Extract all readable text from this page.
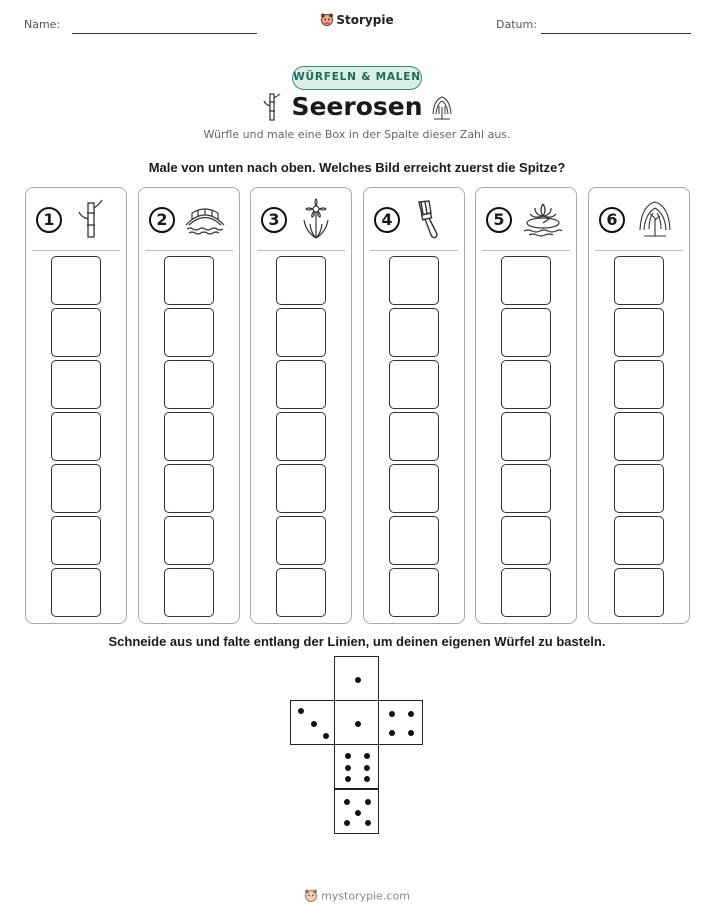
Name:	Storypie	Datum:
WÜRFELN & MALEN
Seerosen
Würfle und male eine Box in der Spalte dieser Zahl aus.
Male von unten nach oben. Welches Bild erreicht zuerst die Spitze?
1	2	3	4	5	6
Schneide aus und falte entlang der Linien, um deinen eigenen Würfel zu basteln.
mystorypie.com
